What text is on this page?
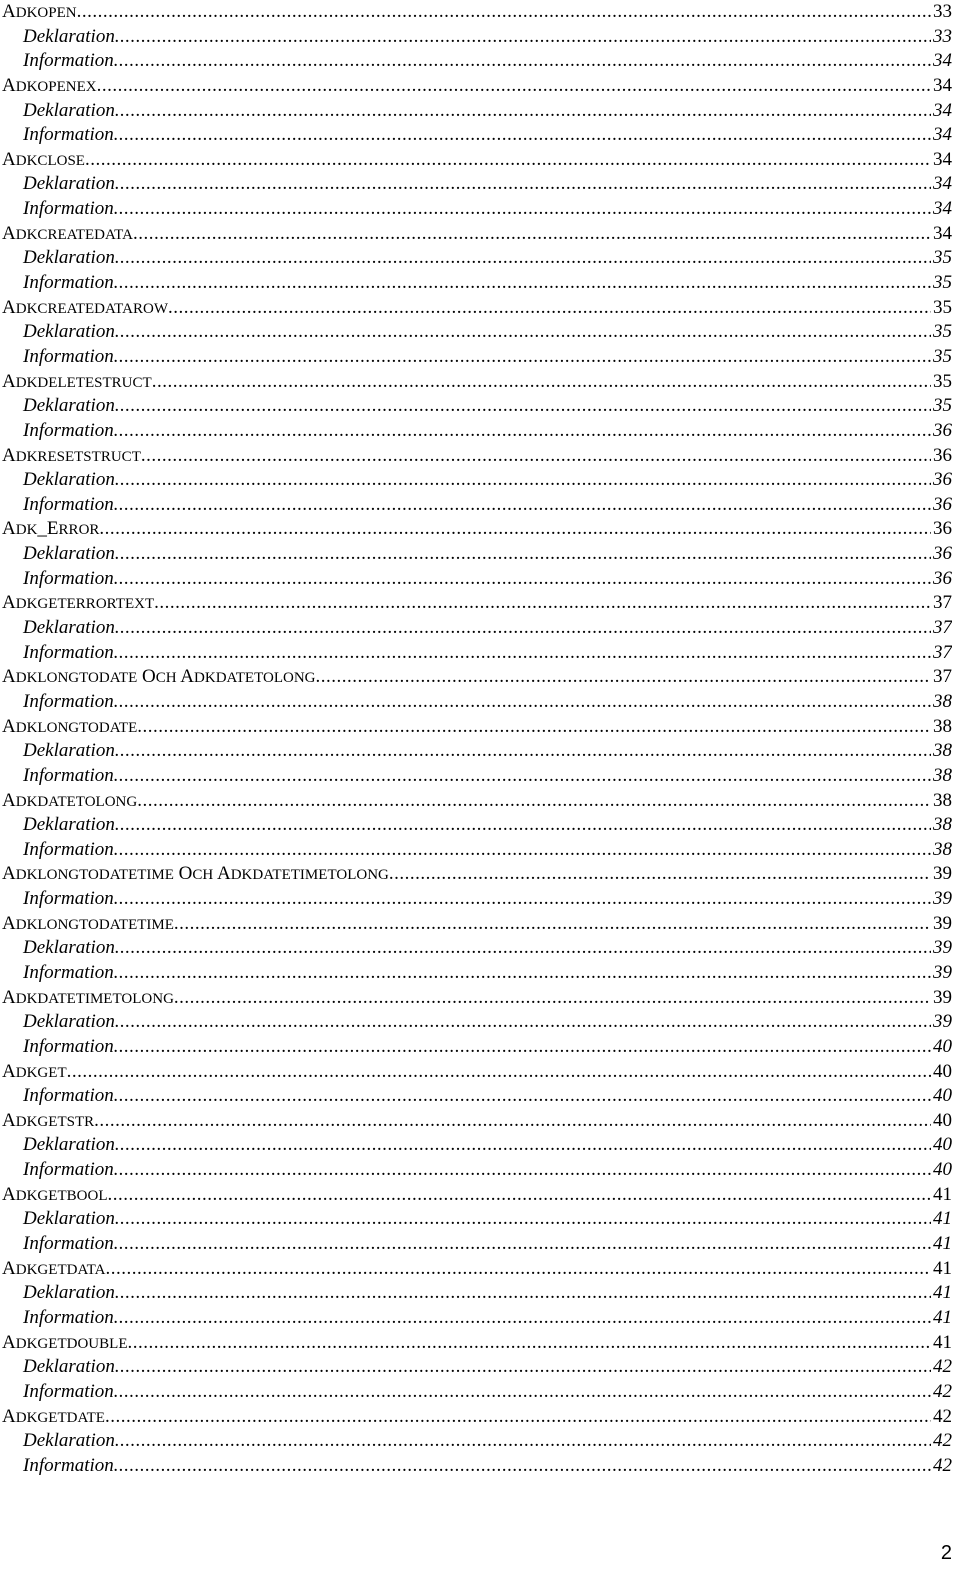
ADKOPEN .....	33
Deklaration .....	33
Information .....	34
ADKOPENEX .....	34
Deklaration .....	34
Information .....	34
ADKCLOSE .....	34
Deklaration .....	34
Information .....	34
ADKCREATEDATA .....	34
Deklaration .....	35
Information .....	35
ADKCREATEDATAROW .....	35
Deklaration .....	35
Information .....	35
ADKDELETESTRUCT .....	35
Deklaration .....	35
Information .....	36
ADKRESETSTRUCT .....	36
Deklaration .....	36
Information .....	36
ADK_ERROR .....	36
Deklaration .....	36
Information .....	36
ADKGETERRORTEXT .....	37
Deklaration .....	37
Information .....	37
ADKLONGTODATE OCH ADKDATETOLONG .....	37
Information .....	38
ADKLONGTODATE .....	38
Deklaration .....	38
Information .....	38
ADKDATETOLONG .....	38
Deklaration .....	38
Information .....	38
ADKLONGTODATETIME OCH ADKDATETIMETOLONG .....	39
Information .....	39
ADKLONGTODATETIME .....	39
Deklaration .....	39
Information .....	39
ADKDATETIMETOLONG .....	39
Deklaration .....	39
Information .....	40
ADKGET .....	40
Information .....	40
ADKGETSTR .....	40
Deklaration .....	40
Information .....	40
ADKGETBOOL .....	41
Deklaration .....	41
Information .....	41
ADKGETDATA .....	41
Deklaration .....	41
Information .....	41
ADKGETDOUBLE .....	41
Deklaration .....	42
Information .....	42
ADKGETDATE .....	42
Deklaration .....	42
Information .....	42
2
